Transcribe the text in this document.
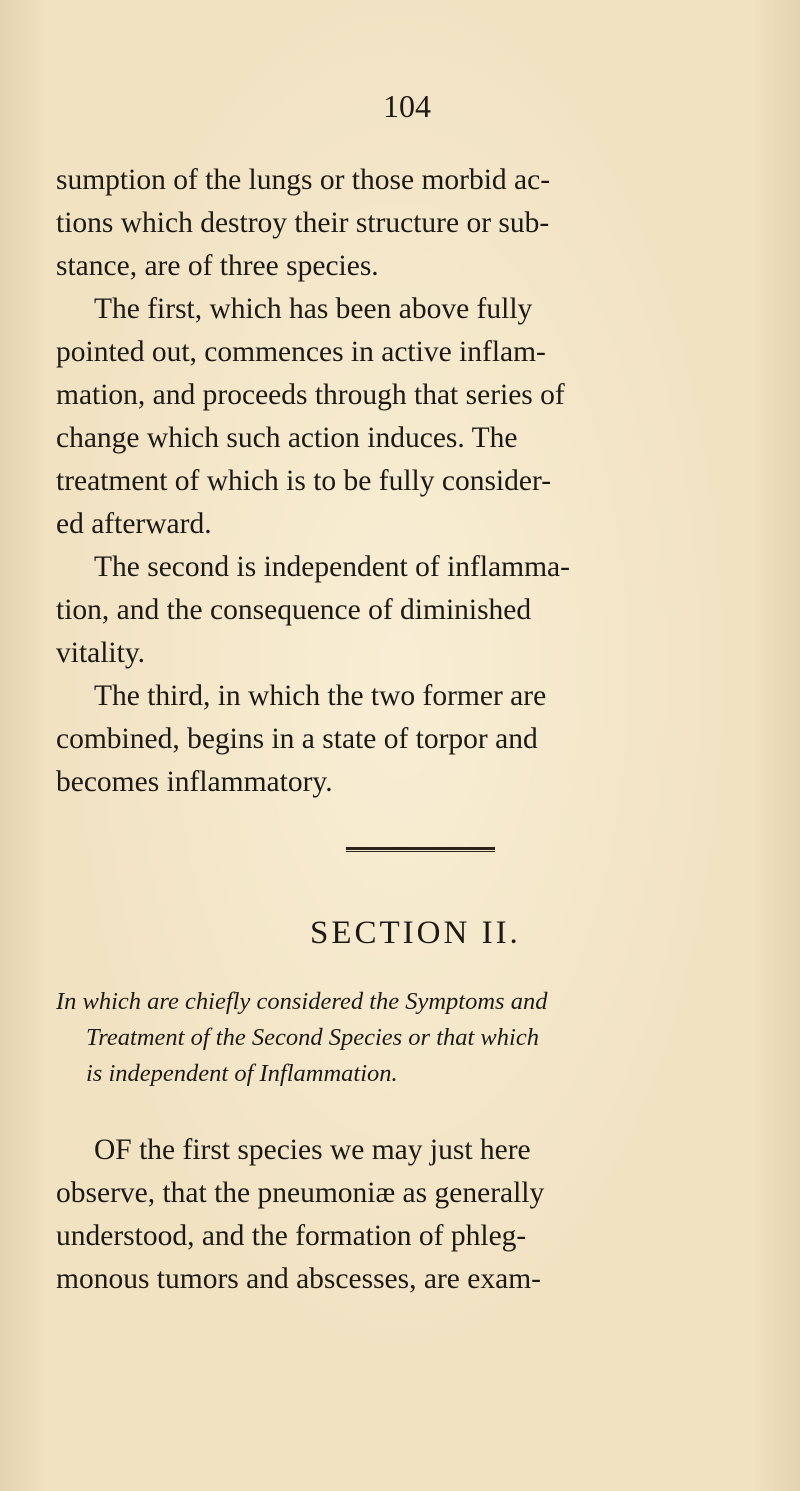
104
sumption of the lungs or those morbid ac-
tions which destroy their structure or sub-
stance, are of three species.
The first, which has been above fully
pointed out, commences in active inflam-
mation, and proceeds through that series of
change which such action induces. The
treatment of which is to be fully consider-
ed afterward.
The second is independent of inflamma-
tion, and the consequence of diminished
vitality.
The third, in which the two former are
combined, begins in a state of torpor and
becomes inflammatory.
SECTION II.
In which are chiefly considered the Symptoms and
Treatment of the Second Species or that which
is independent of Inflammation.
OF the first species we may just here
observe, that the pneumoniæ as generally
understood, and the formation of phleg-
monous tumors and abscesses, are exam-
